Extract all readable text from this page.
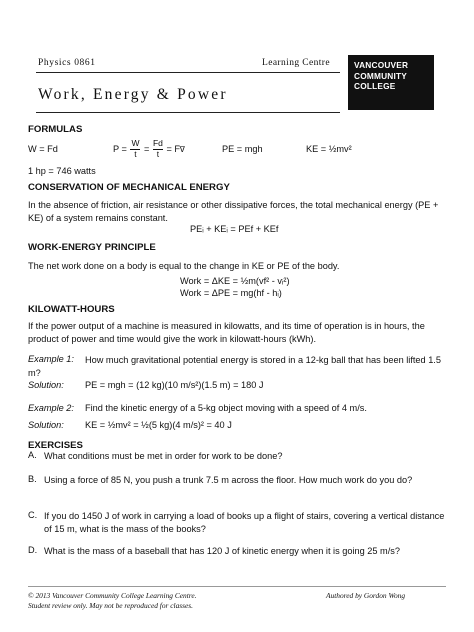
Physics 0861	Learning Centre	VANCOUVER
COMMUNITY
COLLEGE
Work, Energy & Power
FORMULAS
W = Fd	$P = \frac{W}{t} = \frac{Fd}{t}$ = Fv̅	PE = mgh	KE = ½mv²
1 hp = 746 watts
CONSERVATION OF MECHANICAL ENERGY
In the absence of friction, air resistance or other dissipative forces, the total mechanical energy (PE + KE) of a system remains constant.
PEᵢ + KEᵢ = PEf + KEf
WORK-ENERGY PRINCIPLE
The net work done on a body is equal to the change in KE or PE of the body.
Work = ΔKE = ½m(vf² - vᵢ²)
Work = ΔPE = mg(hf - hᵢ)
KILOWATT-HOURS
If the power output of a machine is measured in kilowatts, and its time of operation is in hours, the product of power and time would give the work in kilowatt-hours (kWh).
Example 1:	How much gravitational potential energy is stored in a 12-kg ball that has been lifted 1.5 m?
Solution: PE = mgh = (12 kg)(10 m/s²)(1.5 m) = 180 J
Example 2: Find the kinetic energy of a 5-kg object moving with a speed of 4 m/s.
Solution: KE = ½mv² = ½(5 kg)(4 m/s)² = 40 J
EXERCISES
A. What conditions must be met in order for work to be done?
B. Using a force of 85 N, you push a trunk 7.5 m across the floor. How much work do you do?
C. If you do 1450 J of work in carrying a load of books up a flight of stairs, covering a vertical distance of 15 m, what is the mass of the books?
D. What is the mass of a baseball that has 120 J of kinetic energy when it is going 25 m/s?
© 2013 Vancouver Community College Learning Centre.
Student review only. May not be reproduced for classes.
Authored by Gordon Wong
